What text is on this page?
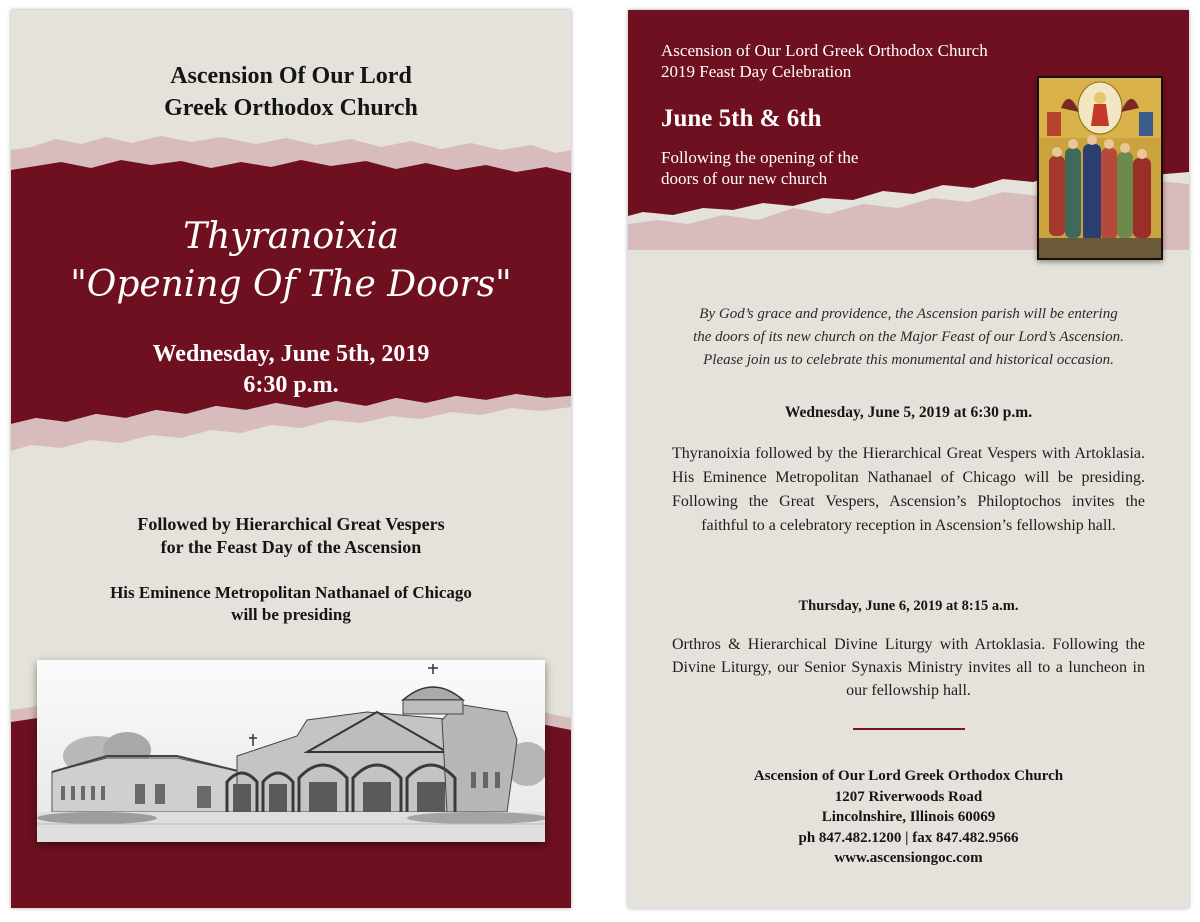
Ascension Of Our Lord
Greek Orthodox Church
Thyranoixia
"Opening Of The Doors"
Wednesday, June 5th, 2019
6:30 p.m.
Followed by Hierarchical Great Vespers
for the Feast Day of the Ascension
His Eminence Metropolitan Nathanael of Chicago
will be presiding
Ascension of Our Lord Greek Orthodox Church
2019 Feast Day Celebration
June 5th & 6th
Following the opening of the
doors of our new church
By God’s grace and providence, the Ascension parish will be entering
the doors of its new church on the Major Feast of our Lord’s Ascension.
Please join us to celebrate this monumental and historical occasion.
Wednesday, June 5, 2019 at 6:30 p.m.
Thyranoixia followed by the Hierarchical Great Vespers with Artoklasia. His Eminence Metropolitan Nathanael of Chicago will be presiding. Following the Great Vespers, Ascension’s Philoptochos invites the faithful to a celebratory reception in Ascension’s fellowship hall.
Thursday, June 6, 2019 at 8:15 a.m.
Orthros & Hierarchical Divine Liturgy with Artoklasia. Following the Divine Liturgy, our Senior Synaxis Ministry invites all to a luncheon in our fellowship hall.
Ascension of Our Lord Greek Orthodox Church
1207 Riverwoods Road
Lincolnshire, Illinois 60069
ph 847.482.1200 | fax 847.482.9566
www.ascensiongoc.com
